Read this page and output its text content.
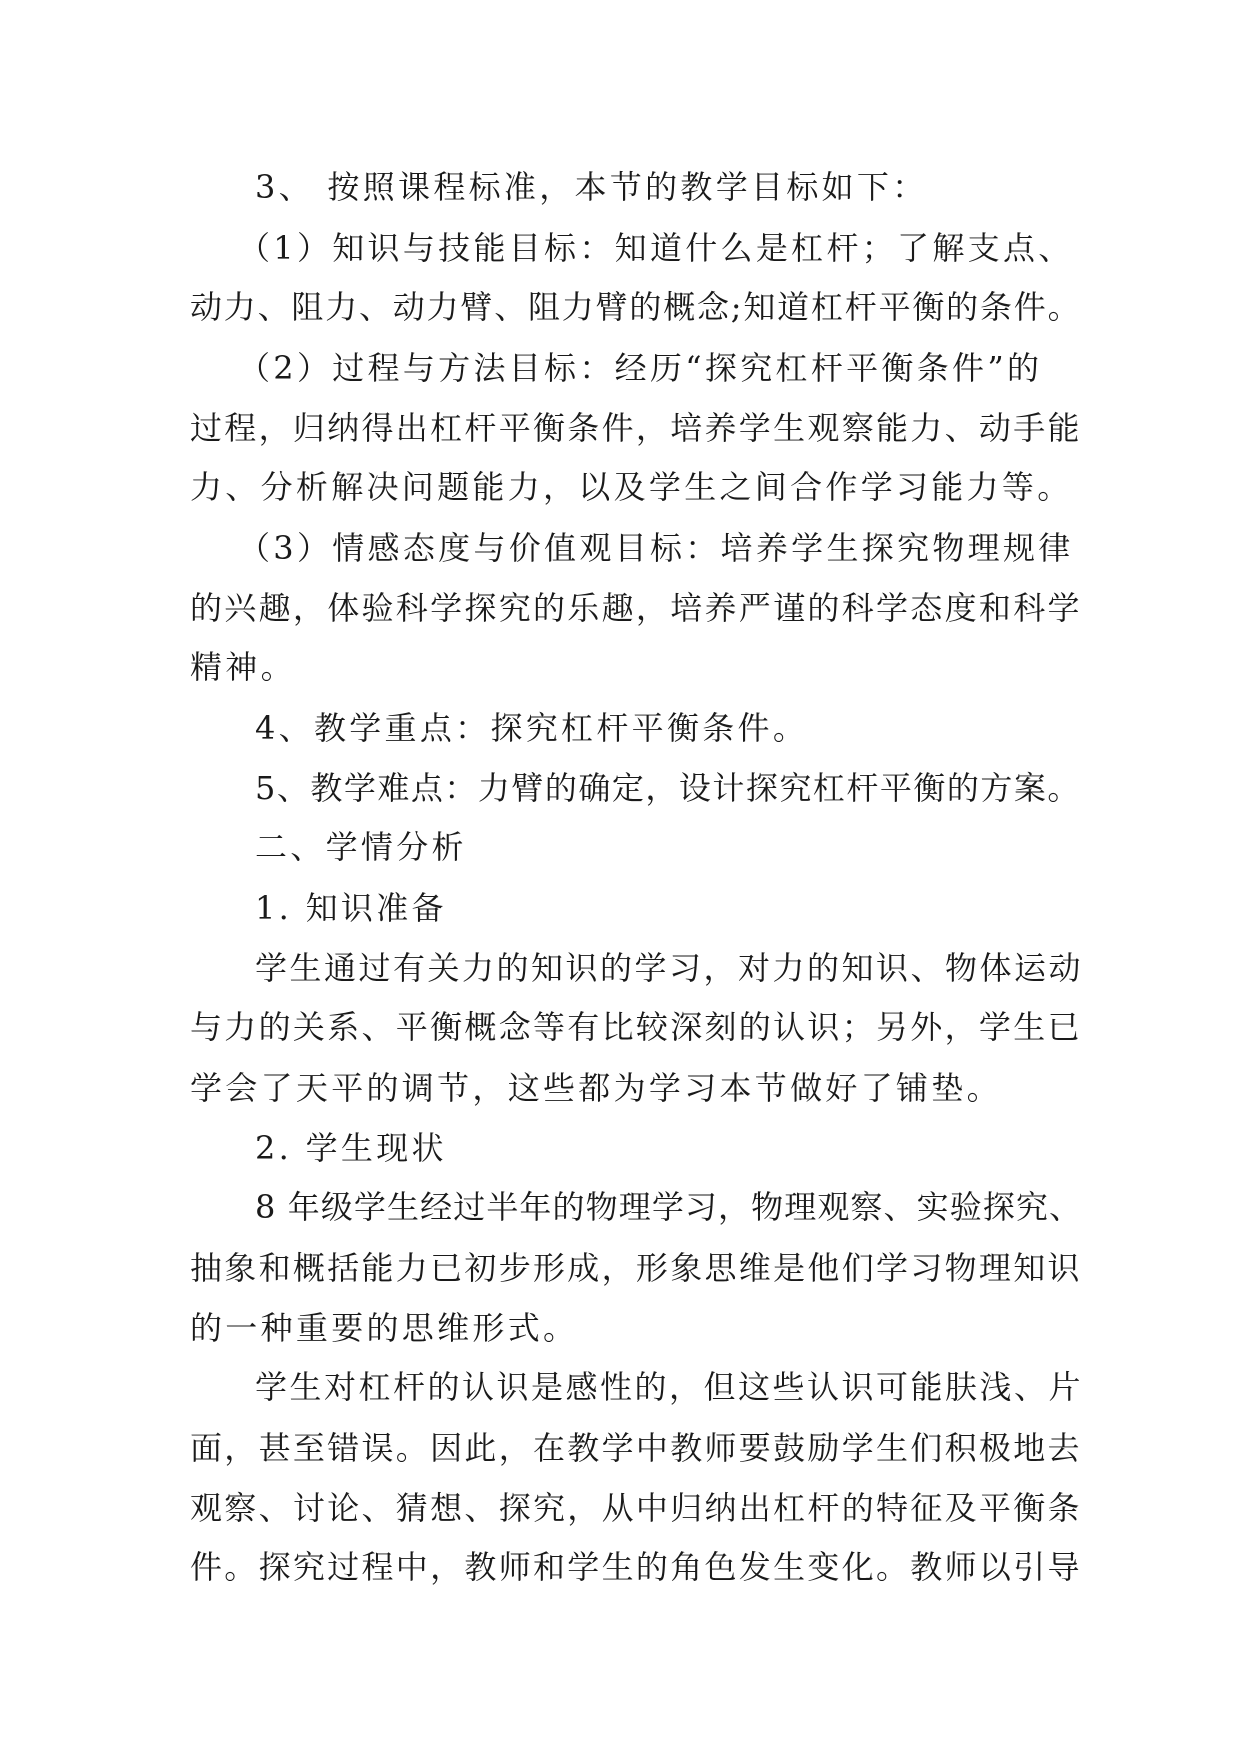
3、 按照课程标准，本节的教学目标如下：
（1）知识与技能目标：知道什么是杠杆；了解支点、
动力、阻力、动力臂、阻力臂的概念;知道杠杆平衡的条件。
（2）过程与方法目标：经历“探究杠杆平衡条件”的
过程，归纳得出杠杆平衡条件，培养学生观察能力、动手能
力、分析解决问题能力，以及学生之间合作学习能力等。
（3）情感态度与价值观目标：培养学生探究物理规律
的兴趣，体验科学探究的乐趣，培养严谨的科学态度和科学
精神。
4、教学重点：探究杠杆平衡条件。
5、教学难点：力臂的确定，设计探究杠杆平衡的方案。
二、学情分析
1. 知识准备
学生通过有关力的知识的学习，对力的知识、物体运动
与力的关系、平衡概念等有比较深刻的认识；另外，学生已
学会了天平的调节，这些都为学习本节做好了铺垫。
2. 学生现状
8 年级学生经过半年的物理学习，物理观察、实验探究、
抽象和概括能力已初步形成，形象思维是他们学习物理知识
的一种重要的思维形式。
学生对杠杆的认识是感性的，但这些认识可能肤浅、片
面，甚至错误。因此，在教学中教师要鼓励学生们积极地去
观察、讨论、猜想、探究，从中归纳出杠杆的特征及平衡条
件。探究过程中，教师和学生的角色发生变化。教师以引导
